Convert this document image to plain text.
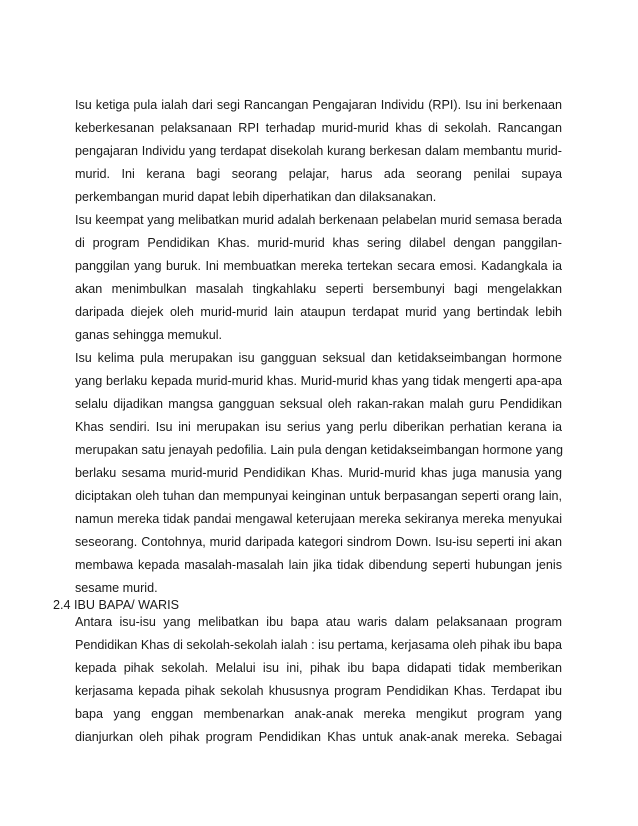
Isu ketiga pula ialah dari segi Rancangan Pengajaran Individu (RPI). Isu ini berkenaan
keberkesanan pelaksanaan RPI terhadap murid-murid khas di sekolah. Rancangan
pengajaran Individu yang terdapat disekolah kurang berkesan dalam membantu murid-
murid. Ini kerana bagi seorang pelajar, harus ada seorang penilai supaya
perkembangan murid dapat lebih diperhatikan dan dilaksanakan.
Isu keempat yang melibatkan murid adalah berkenaan pelabelan murid semasa berada
di program Pendidikan Khas. murid-murid khas sering dilabel dengan panggilan-
panggilan yang buruk. Ini membuatkan mereka tertekan secara emosi. Kadangkala ia
akan menimbulkan masalah tingkahlaku seperti bersembunyi bagi mengelakkan
daripada diejek oleh murid-murid lain ataupun terdapat murid yang bertindak lebih
ganas sehingga memukul.
Isu kelima pula merupakan isu gangguan seksual dan ketidakseimbangan hormone
yang berlaku kepada murid-murid khas. Murid-murid khas yang tidak mengerti apa-apa
selalu dijadikan mangsa gangguan seksual oleh rakan-rakan malah guru Pendidikan
Khas sendiri. Isu ini merupakan isu serius yang perlu diberikan perhatian kerana ia
merupakan satu jenayah pedofilia. Lain pula dengan ketidakseimbangan hormone yang
berlaku sesama murid-murid Pendidikan Khas. Murid-murid khas juga manusia yang
diciptakan oleh tuhan dan mempunyai keinginan untuk berpasangan seperti orang lain,
namun mereka tidak pandai mengawal keterujaan mereka sekiranya mereka menyukai
seseorang. Contohnya, murid daripada kategori sindrom Down. Isu-isu seperti ini akan
membawa kepada masalah-masalah lain jika tidak dibendung seperti hubungan jenis
sesame murid.
2.4 IBU BAPA/ WARIS
Antara isu-isu yang melibatkan ibu bapa atau waris dalam pelaksanaan program
Pendidikan Khas di sekolah-sekolah ialah : isu pertama, kerjasama oleh pihak ibu bapa
kepada pihak sekolah. Melalui isu ini, pihak ibu bapa didapati tidak memberikan
kerjasama kepada pihak sekolah khususnya program Pendidikan Khas. Terdapat ibu
bapa yang enggan membenarkan anak-anak mereka mengikut program yang
dianjurkan oleh pihak program Pendidikan Khas untuk anak-anak mereka. Sebagai
